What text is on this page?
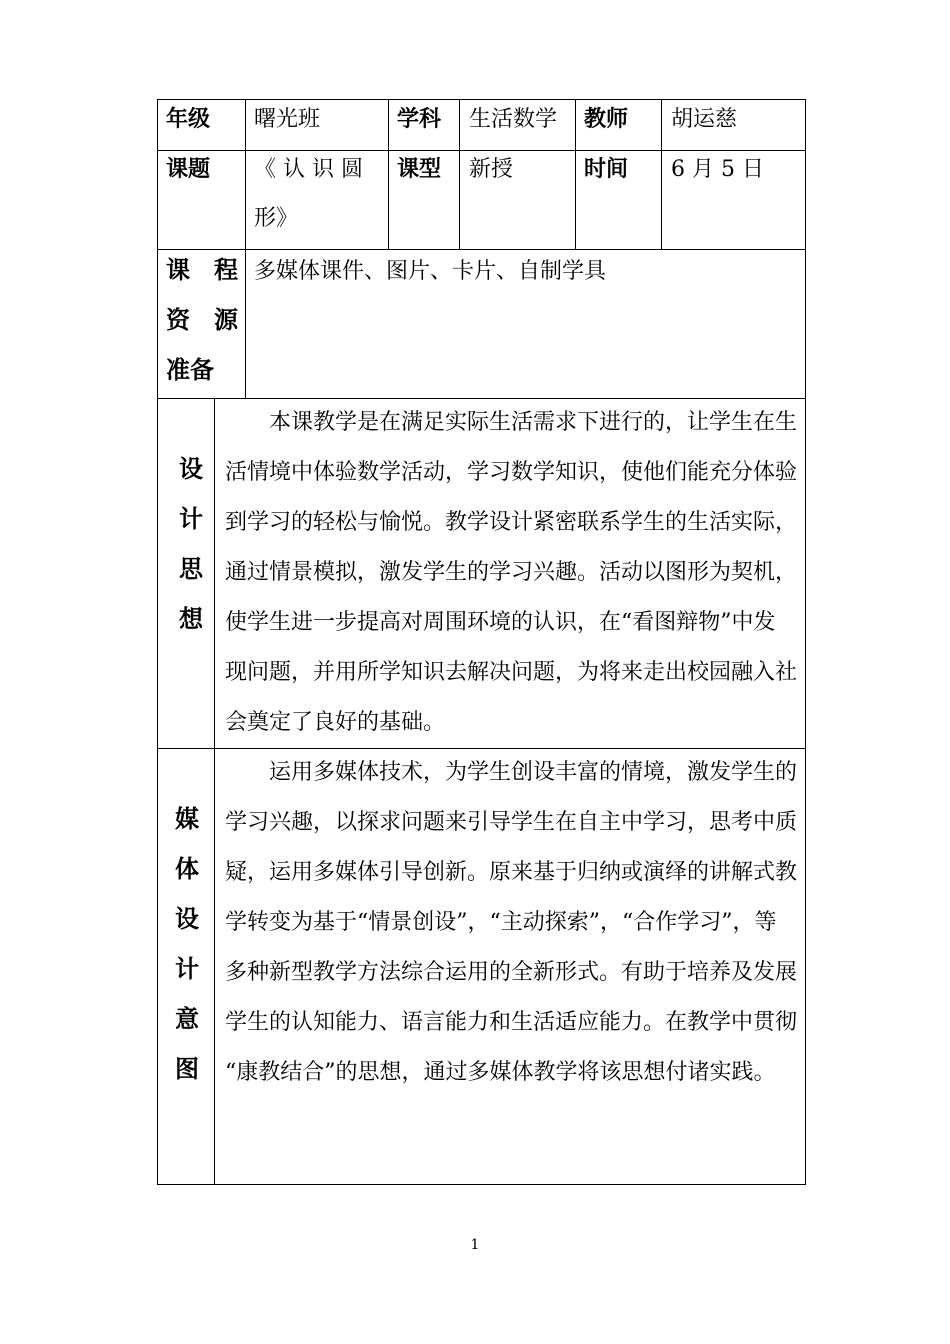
年级 曙光班	学科 生活数学 教师 胡运慈
课题 《 认 识 圆
形》
课型 新授	时间 6 月 5 日
课　程
资　源
准备
多媒体课件、图片、卡片、自制学具
设
计
思
想
本课教学是在满足实际生活需求下进行的，让学生在生
活情境中体验数学活动，学习数学知识，使他们能充分体验
到学习的轻松与愉悦。教学设计紧密联系学生的生活实际，
通过情景模拟，激发学生的学习兴趣。活动以图形为契机，
使学生进一步提高对周围环境的认识，在“看图辩物”中发
现问题，并用所学知识去解决问题，为将来走出校园融入社
会奠定了良好的基础。
媒
体
设
计
意
图
运用多媒体技术，为学生创设丰富的情境，激发学生的
学习兴趣，以探求问题来引导学生在自主中学习，思考中质
疑，运用多媒体引导创新。原来基于归纳或演绎的讲解式教
学转变为基于“情景创设”，“主动探索”，“合作学习”，等
多种新型教学方法综合运用的全新形式。有助于培养及发展
学生的认知能力、语言能力和生活适应能力。在教学中贯彻
“康教结合”的思想，通过多媒体教学将该思想付诸实践。
1
